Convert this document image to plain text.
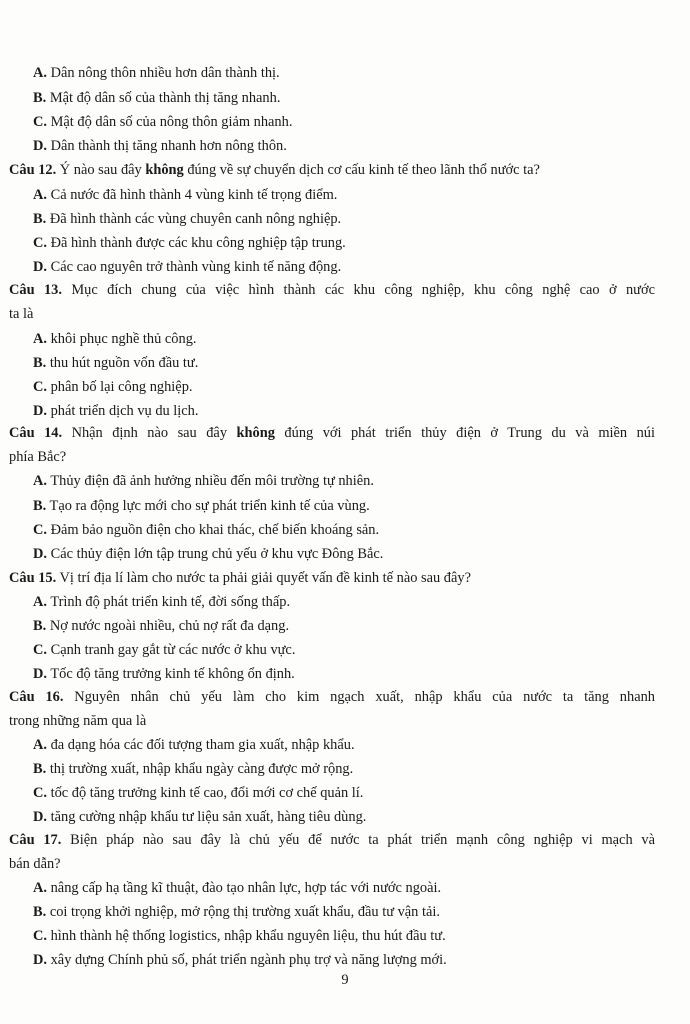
A. Dân nông thôn nhiều hơn dân thành thị.
B. Mật độ dân số của thành thị tăng nhanh.
C. Mật độ dân số của nông thôn giảm nhanh.
D. Dân thành thị tăng nhanh hơn nông thôn.
Câu 12. Ý nào sau đây không đúng về sự chuyển dịch cơ cấu kinh tế theo lãnh thổ nước ta?
A. Cả nước đã hình thành 4 vùng kinh tế trọng điểm.
B. Đã hình thành các vùng chuyên canh nông nghiệp.
C. Đã hình thành được các khu công nghiệp tập trung.
D. Các cao nguyên trở thành vùng kinh tế năng động.
Câu 13. Mục đích chung của việc hình thành các khu công nghiệp, khu công nghệ cao ở nước
ta là
A. khôi phục nghề thủ công.
B. thu hút nguồn vốn đầu tư.
C. phân bố lại công nghiệp.
D. phát triển dịch vụ du lịch.
Câu 14. Nhận định nào sau đây không đúng với phát triển thủy điện ở Trung du và miền núi
phía Bắc?
A. Thủy điện đã ảnh hưởng nhiều đến môi trường tự nhiên.
B. Tạo ra động lực mới cho sự phát triển kinh tế của vùng.
C. Đảm bảo nguồn điện cho khai thác, chế biến khoáng sản.
D. Các thủy điện lớn tập trung chủ yếu ở khu vực Đông Bắc.
Câu 15. Vị trí địa lí làm cho nước ta phải giải quyết vấn đề kinh tế nào sau đây?
A. Trình độ phát triển kinh tế, đời sống thấp.
B. Nợ nước ngoài nhiều, chủ nợ rất đa dạng.
C. Cạnh tranh gay gắt từ các nước ở khu vực.
D. Tốc độ tăng trưởng kinh tế không ổn định.
Câu 16. Nguyên nhân chủ yếu làm cho kim ngạch xuất, nhập khẩu của nước ta tăng nhanh
trong những năm qua là
A. đa dạng hóa các đối tượng tham gia xuất, nhập khẩu.
B. thị trường xuất, nhập khẩu ngày càng được mở rộng.
C. tốc độ tăng trưởng kinh tế cao, đổi mới cơ chế quản lí.
D. tăng cường nhập khẩu tư liệu sản xuất, hàng tiêu dùng.
Câu 17. Biện pháp nào sau đây là chủ yếu để nước ta phát triển mạnh công nghiệp vi mạch và
bán dẫn?
A. nâng cấp hạ tầng kĩ thuật, đào tạo nhân lực, hợp tác với nước ngoài.
B. coi trọng khởi nghiệp, mở rộng thị trường xuất khẩu, đầu tư vận tải.
C. hình thành hệ thống logistics, nhập khẩu nguyên liệu, thu hút đầu tư.
D. xây dựng Chính phủ số, phát triển ngành phụ trợ và năng lượng mới.
9
